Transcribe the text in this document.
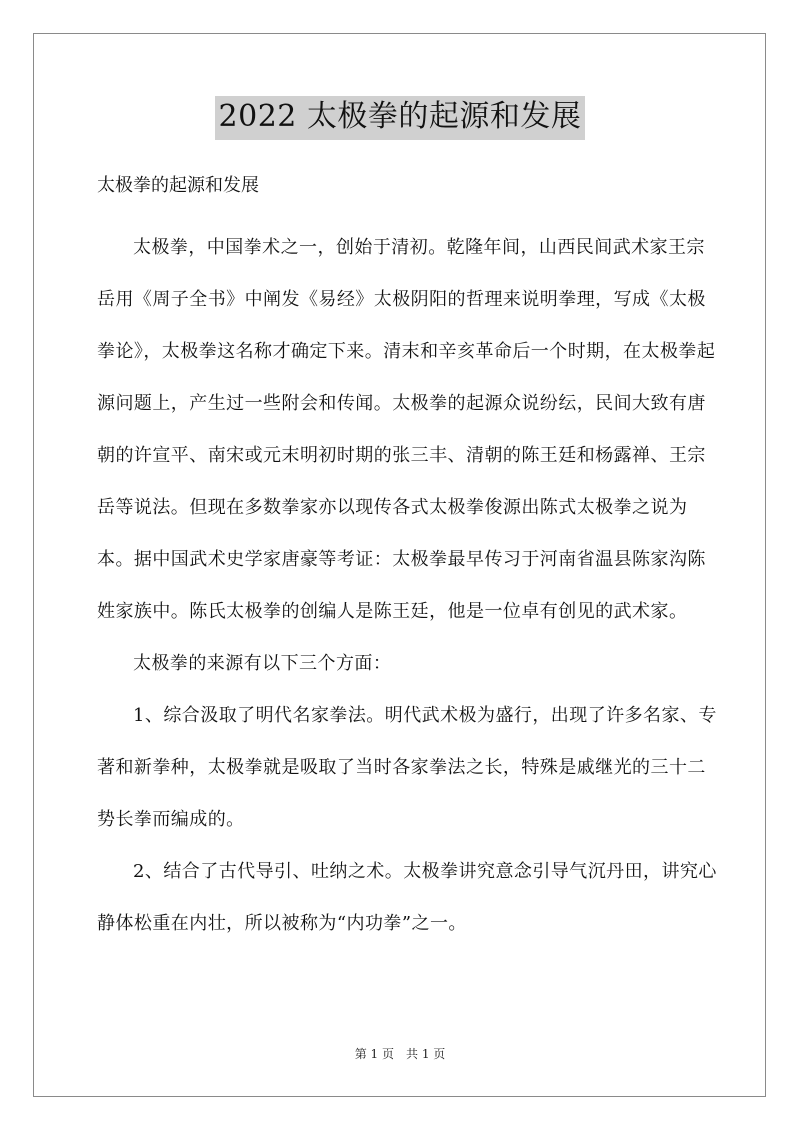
2022 太极拳的起源和发展

太极拳的起源和发展

太极拳，中国拳术之一，创始于清初。乾隆年间，山西民间武术家王宗岳用《周子全书》中阐发《易经》太极阴阳的哲理来说明拳理，写成《太极拳论》，太极拳这名称才确定下来。清末和辛亥革命后一个时期，在太极拳起源问题上，产生过一些附会和传闻。太极拳的起源众说纷纭，民间大致有唐朝的许宣平、南宋或元末明初时期的张三丰、清朝的陈王廷和杨露禅、王宗岳等说法。但现在多数拳家亦以现传各式太极拳俊源出陈式太极拳之说为本。据中国武术史学家唐豪等考证：太极拳最早传习于河南省温县陈家沟陈姓家族中。陈氏太极拳的创编人是陈王廷，他是一位卓有创见的武术家。

太极拳的来源有以下三个方面：

1、综合汲取了明代名家拳法。明代武术极为盛行，出现了许多名家、专著和新拳种，太极拳就是吸取了当时各家拳法之长，特殊是戚继光的三十二势长拳而编成的。

2、结合了古代导引、吐纳之术。太极拳讲究意念引导气沉丹田，讲究心静体松重在内壮，所以被称为“内功拳”之一。

第 1 页　共 1 页
